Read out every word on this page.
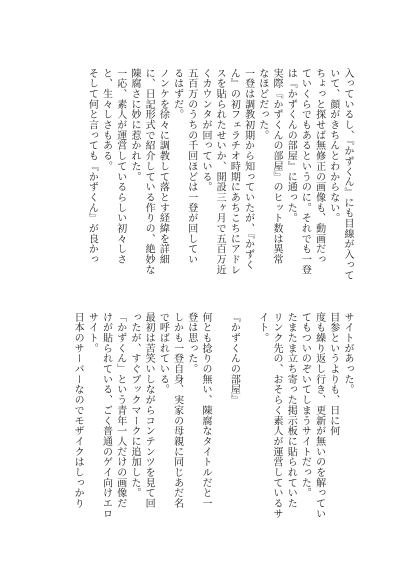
入っているし、『かずくん』にも目線が入って
いて、顔がきちんとわからない。
ちょっと探せば無修正の画像も、動画だっ
ていくらでもあるというのに。それでも一登
は『かずくんの部屋』に通った。
実際『かずくんの部屋』のヒット数は異常
なほどだった。
一登は調教初期から知っていたが、『かずく
ん』の初フェラチオ時期にあちこちにアドレ
スを貼られたせいか、開設三ヶ月で五百万近
くカウンタが回っている。
五百万のうちの千回ほどは一登が回してい
るはずだ。
ノンケを徐々に調教して落とす経緯を詳細
に、日記形式で紹介している作りの、絶妙な
陳腐さに妙に惹かれた。
一応、素人が運営しているらしい初々しさ
と、生々しさもある。
そして何と言っても『かずくん』が良かっ
サイトがあった。
目参というよりも、日に何
度も繰り返し行き、更新が無いのを解ってい
てもついのぞいてしまうサイトだった。
たまたま立ち寄った掲示板に貼られていた
リンク先の、おそらく素人が運営しているサ
イト。

『かずくんの部屋』

何とも捻りの無い、陳腐なタイトルだと一
登は思った。
しかも一登自身、実家の母親に同じあだ名
で呼ばれている。
最初は苦笑いしながらコンテンツを見て回
ったが、すぐブックマークに追加した。
「かずくん」という青年一人だけの画像だ
けが貼られている、ごく普通のゲイ向けエロ
サイト。
日本のサーバーなのでモザイクはしっかり
